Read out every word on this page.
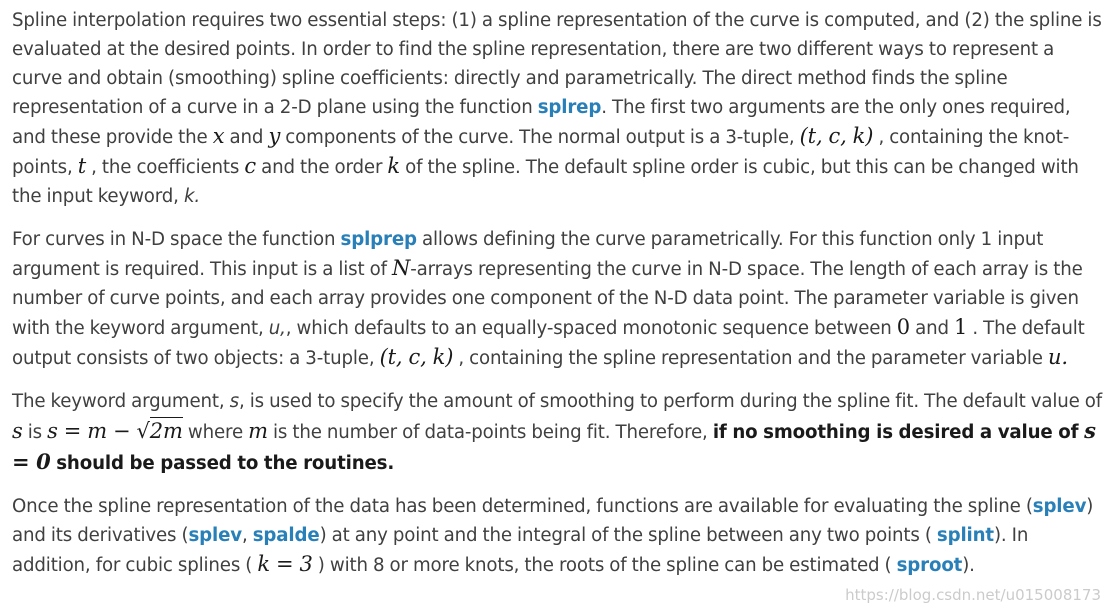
Spline interpolation requires two essential steps: (1) a spline representation of the curve is computed, and (2) the spline is evaluated at the desired points. In order to find the spline representation, there are two different ways to represent a curve and obtain (smoothing) spline coefficients: directly and parametrically. The direct method finds the spline representation of a curve in a 2-D plane using the function splrep. The first two arguments are the only ones required, and these provide the x and y components of the curve. The normal output is a 3-tuple, (t, c, k) , containing the knot-points, t , the coefficients c and the order k of the spline. The default spline order is cubic, but this can be changed with the input keyword, k.

For curves in N-D space the function splprep allows defining the curve parametrically. For this function only 1 input argument is required. This input is a list of N-arrays representing the curve in N-D space. The length of each array is the number of curve points, and each array provides one component of the N-D data point. The parameter variable is given with the keyword argument, u,, which defaults to an equally-spaced monotonic sequence between 0 and 1 . The default output consists of two objects: a 3-tuple, (t, c, k) , containing the spline representation and the parameter variable u.

The keyword argument, s, is used to specify the amount of smoothing to perform during the spline fit. The default value of s is s = m − √2m where m is the number of data-points being fit. Therefore, if no smoothing is desired a value of s = 0 should be passed to the routines.

Once the spline representation of the data has been determined, functions are available for evaluating the spline (splev) and its derivatives (splev, spalde) at any point and the integral of the spline between any two points ( splint). In addition, for cubic splines ( k = 3 ) with 8 or more knots, the roots of the spline can be estimated ( sproot).

https://blog.csdn.net/u015008173
